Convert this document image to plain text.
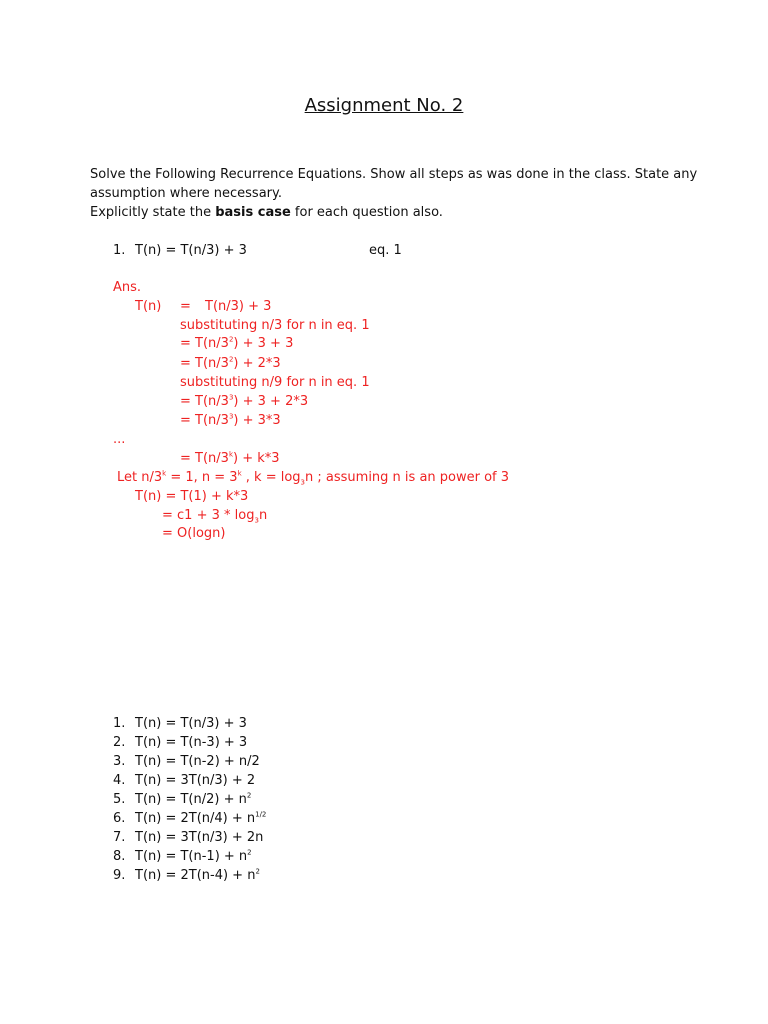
Assignment No. 2
Solve the Following Recurrence Equations. Show all steps as was done in the class. State any
assumption where necessary.
Explicitly state the basis case for each question also.
1. T(n) = T(n/3) + 3	eq. 1
Ans.
T(n) = T(n/3) + 3
substituting n/3 for n in eq. 1
= $T(n/3^2) + 3 + 3$
= $T(n/3^2) + 2*3$
substituting n/9 for n in eq. 1
= $T(n/3^3) + 3 + 2*3$
= $T(n/3^3) + 3*3$
...
= $T(n/3^k) + k*3$
Let $n/3^k = 1$, $n = 3^k$ , $k = \log_3n$ ; assuming n is an power of 3
T(n) = T(1) + k*3
= $c1 + 3 * \log_3n$
= O(logn)
1. T(n) = T(n/3) + 3
2. T(n) = T(n-3) + 3
3. T(n) = T(n-2) + n/2
4. T(n) = 3T(n/3) + 2
5. $T(n) = T(n/2) + n^2$
6. $T(n) = 2T(n/4) + n^{1/2}$
7. T(n) = 3T(n/3) + 2n
8. $T(n) = T(n-1) + n^2$
9. $T(n) = 2T(n-4) + n^2$
